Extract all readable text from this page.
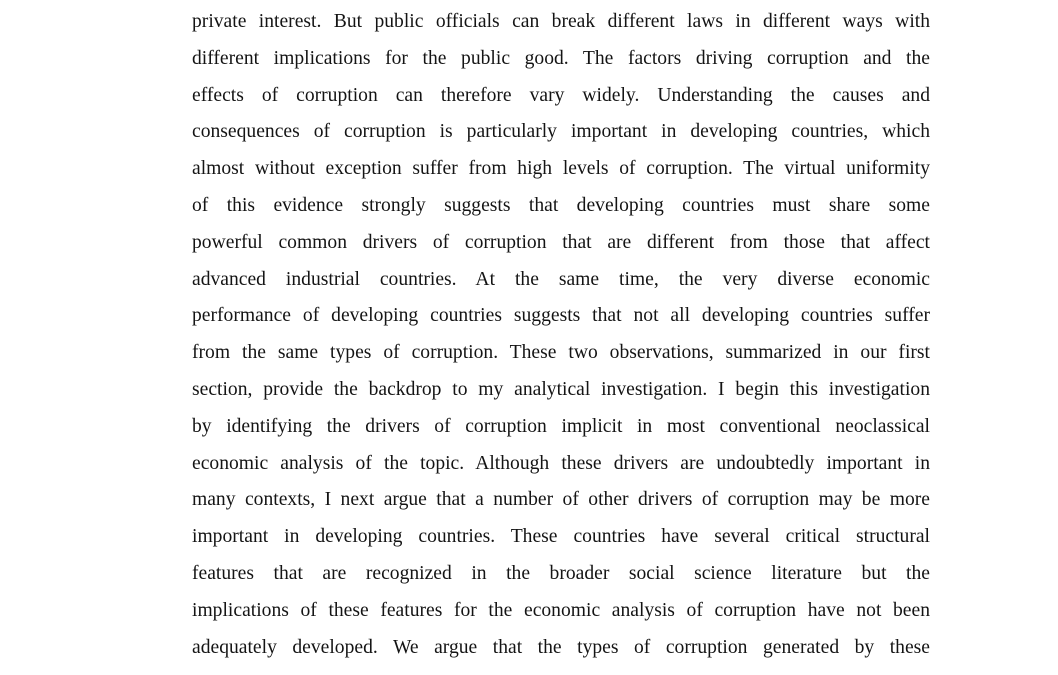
private interest. But public officials can break different laws in different ways with
different implications for the public good. The factors driving corruption and the
effects of corruption can therefore vary widely. Understanding the causes and
consequences of corruption is particularly important in developing countries, which
almost without exception suffer from high levels of corruption. The virtual uniformity
of this evidence strongly suggests that developing countries must share some
powerful common drivers of corruption that are different from those that affect
advanced industrial countries. At the same time, the very diverse economic
performance of developing countries suggests that not all developing countries suffer
from the same types of corruption. These two observations, summarized in our first
section, provide the backdrop to my analytical investigation. I begin this investigation
by identifying the drivers of corruption implicit in most conventional neoclassical
economic analysis of the topic. Although these drivers are undoubtedly important in
many contexts, I next argue that a number of other drivers of corruption may be more
important in developing countries. These countries have several critical structural
features that are recognized in the broader social science literature but the
implications of these features for the economic analysis of corruption have not been
adequately developed. We argue that the types of corruption generated by these
